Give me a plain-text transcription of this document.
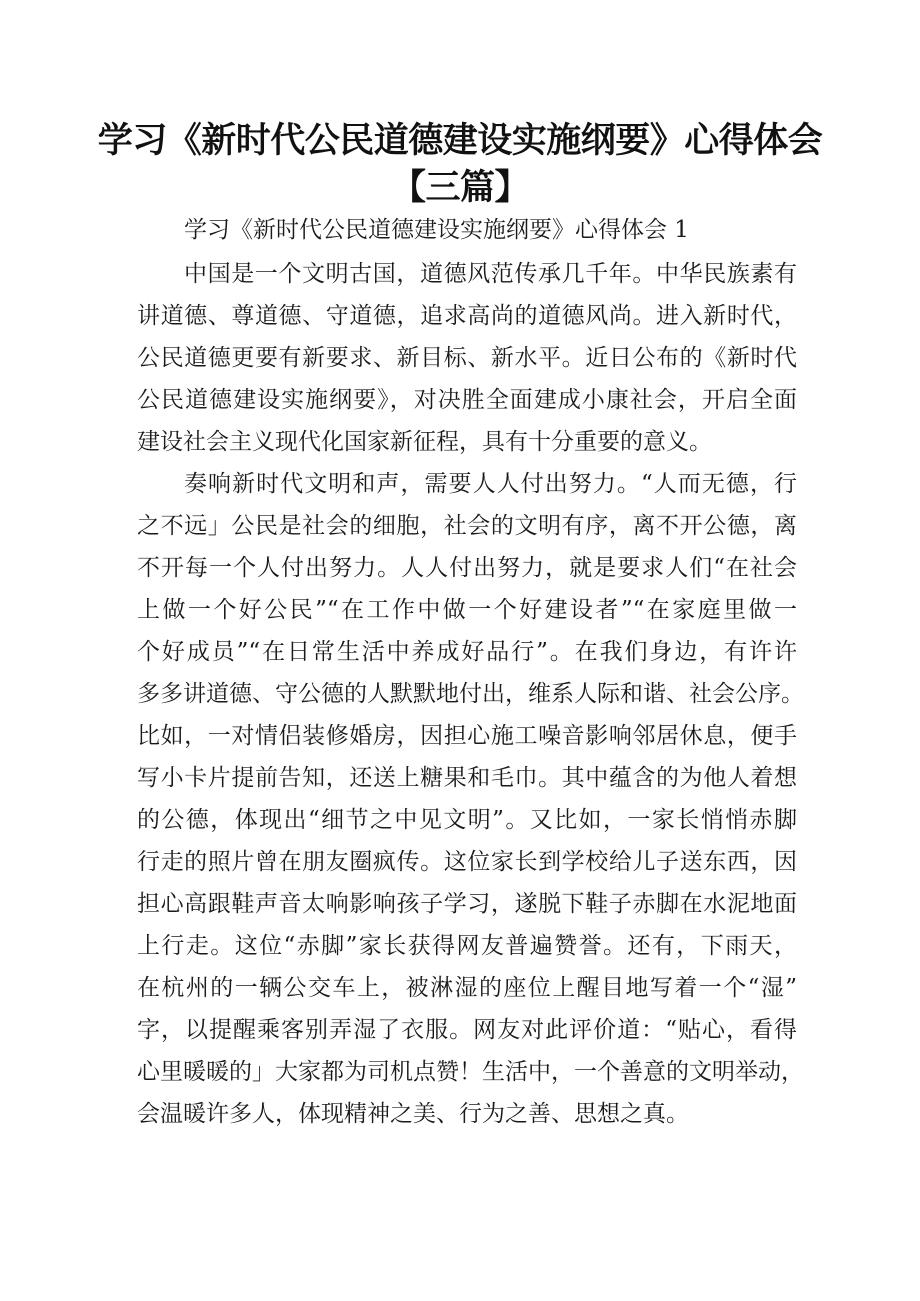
学习《新时代公民道德建设实施纲要》心得体会
【三篇】
学习《新时代公民道德建设实施纲要》心得体会 1
中国是一个文明古国，道德风范传承几千年。中华民族素有
讲道德、尊道德、守道德，追求高尚的道德风尚。进入新时代，
公民道德更要有新要求、新目标、新水平。近日公布的《新时代
公民道德建设实施纲要》，对决胜全面建成小康社会，开启全面
建设社会主义现代化国家新征程，具有十分重要的意义。
奏响新时代文明和声，需要人人付出努力。“人而无德，行
之不远」公民是社会的细胞，社会的文明有序，离不开公德，离
不开每一个人付出努力。人人付出努力，就是要求人们“在社会
上做一个好公民”“在工作中做一个好建设者”“在家庭里做一
个好成员”“在日常生活中养成好品行”。在我们身边，有许许
多多讲道德、守公德的人默默地付出，维系人际和谐、社会公序。
比如，一对情侣装修婚房，因担心施工噪音影响邻居休息，便手
写小卡片提前告知，还送上糖果和毛巾。其中蕴含的为他人着想
的公德，体现出“细节之中见文明”。又比如，一家长悄悄赤脚
行走的照片曾在朋友圈疯传。这位家长到学校给儿子送东西，因
担心高跟鞋声音太响影响孩子学习，遂脱下鞋子赤脚在水泥地面
上行走。这位“赤脚”家长获得网友普遍赞誉。还有，下雨天，
在杭州的一辆公交车上，被淋湿的座位上醒目地写着一个“湿”
字，以提醒乘客别弄湿了衣服。网友对此评价道：“贴心，看得
心里暖暖的」大家都为司机点赞！生活中，一个善意的文明举动，
会温暖许多人，体现精神之美、行为之善、思想之真。
